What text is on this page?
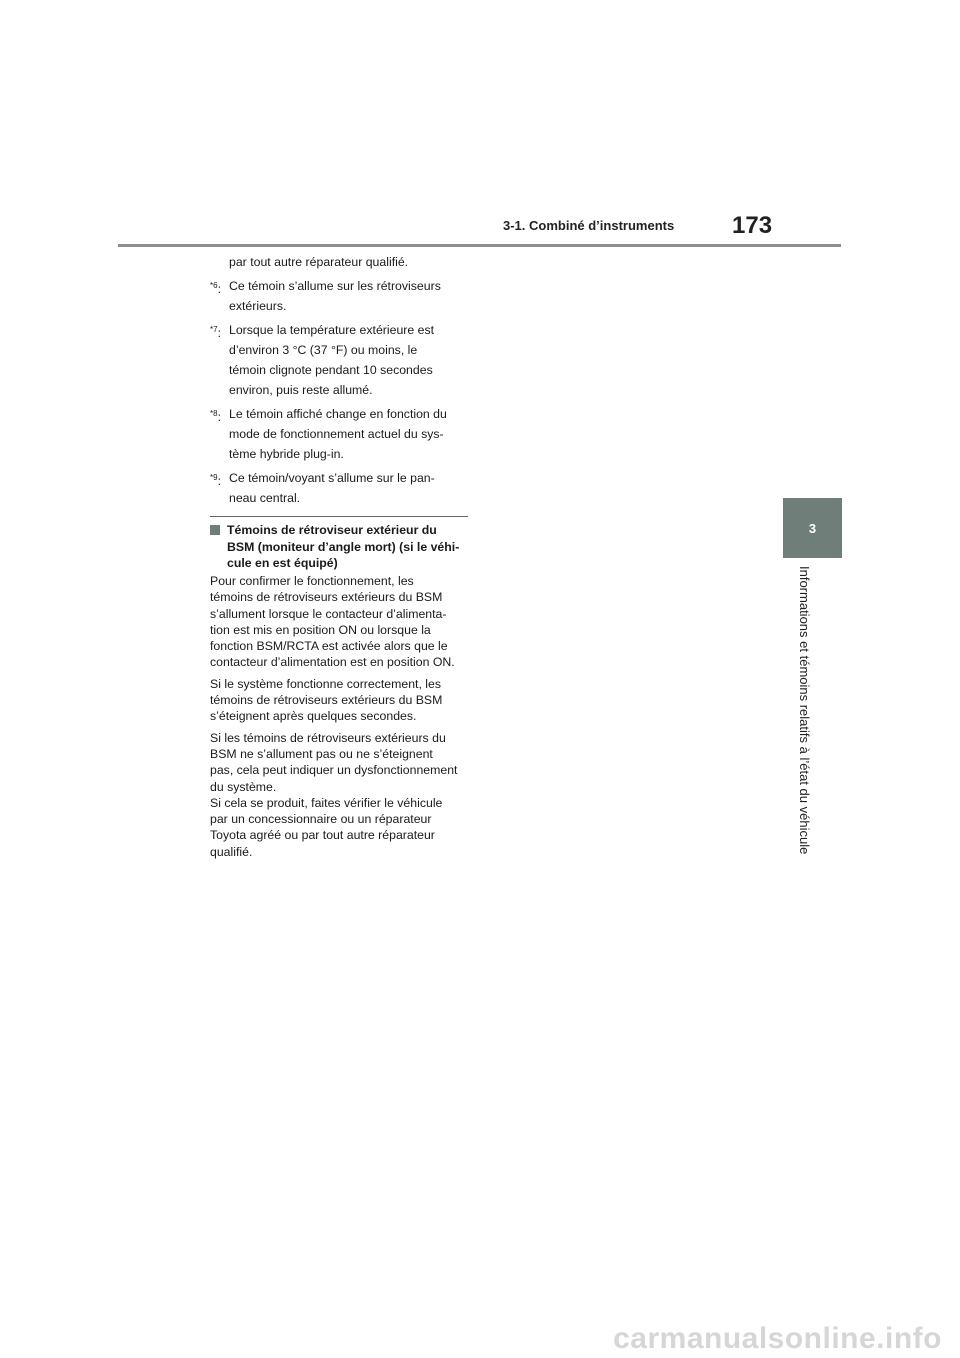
3-1. Combiné d’instruments 173
3
Informations et témoins relatifs à l’état du véhicule
par tout autre réparateur qualifié.
$^{*6}$: Ce témoin s’allume sur les rétroviseurs
extérieurs.
$^{*7}$: Lorsque la température extérieure est
d’environ 3 °C (37 °F) ou moins, le
témoin clignote pendant 10 secondes
environ, puis reste allumé.
$^{*8}$: Le témoin affiché change en fonction du
mode de fonctionnement actuel du sys-
tème hybride plug-in.
$^{*9}$: Ce témoin/voyant s’allume sur le pan-
neau central.
Témoins de rétroviseur extérieur du
BSM (moniteur d’angle mort) (si le véhi-
cule en est équipé)

Pour confirmer le fonctionnement, les
témoins de rétroviseurs extérieurs du BSM
s’allument lorsque le contacteur d’alimenta-
tion est mis en position ON ou lorsque la
fonction BSM/RCTA est activée alors que le
contacteur d’alimentation est en position ON.

Si le système fonctionne correctement, les
témoins de rétroviseurs extérieurs du BSM
s’éteignent après quelques secondes.

Si les témoins de rétroviseurs extérieurs du
BSM ne s’allument pas ou ne s’éteignent
pas, cela peut indiquer un dysfonctionnement
du système.
Si cela se produit, faites vérifier le véhicule
par un concessionnaire ou un réparateur
Toyota agréé ou par tout autre réparateur
qualifié.

carmanualsonline.info
